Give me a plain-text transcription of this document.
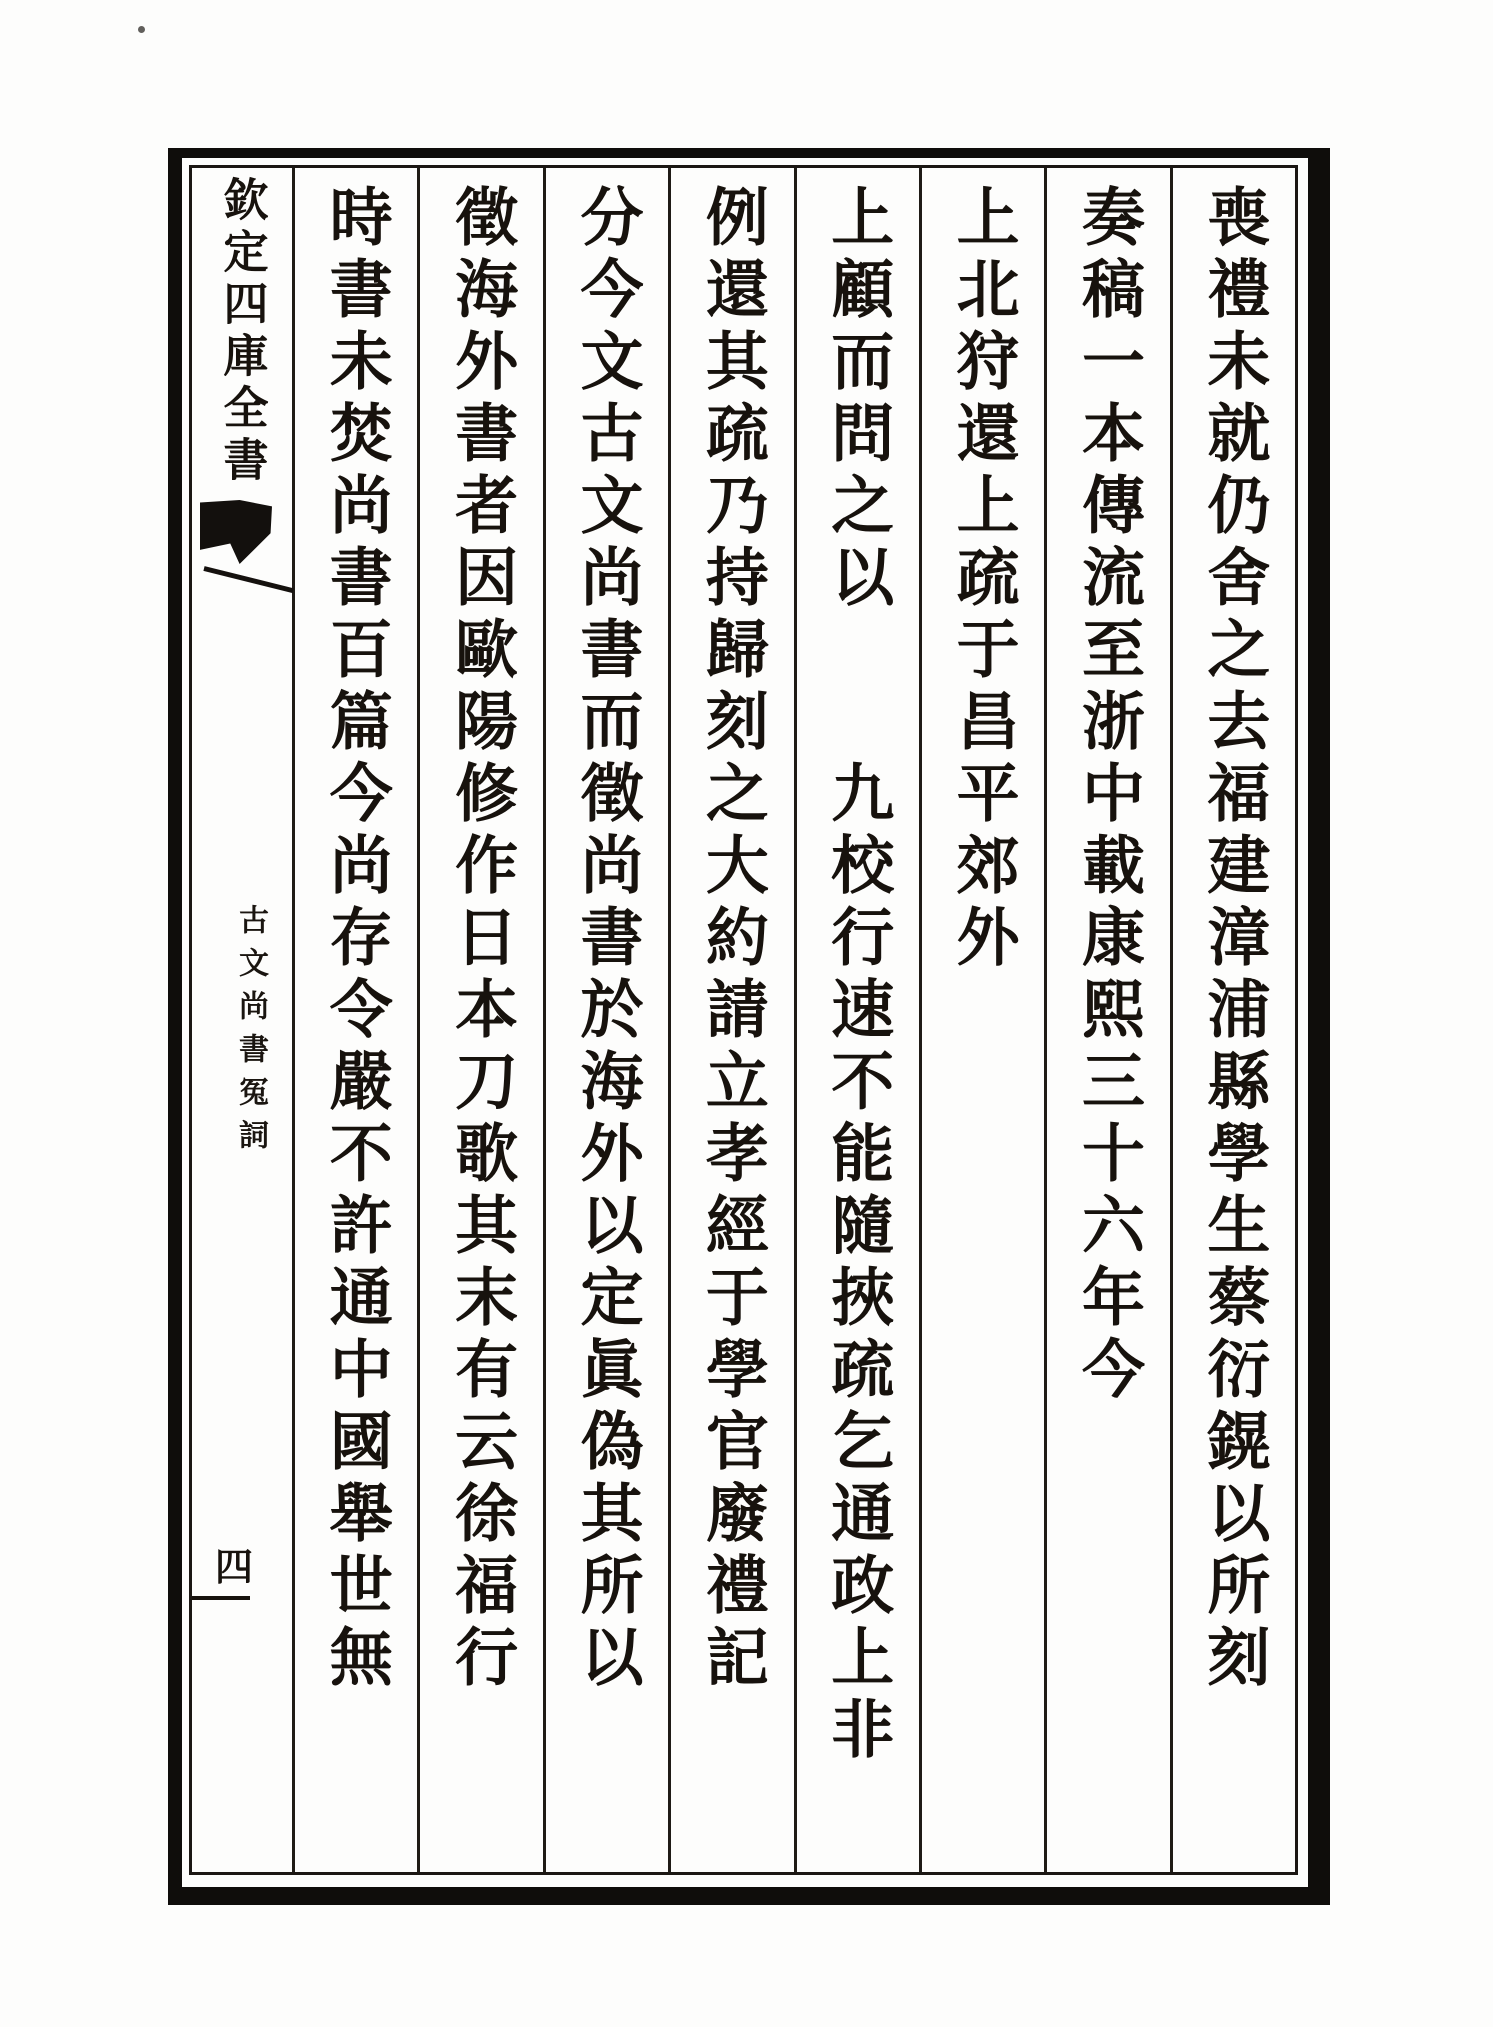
喪禮未就仍舍之去福建漳浦縣學生蔡衍鎤以所刻
奏稿一本傳流至浙中載康熙三十六年今
上北狩還上疏于昌平郊外
上顧而問之以　　九校行速不能隨挾疏乞通政上非
例還其疏乃持歸刻之大約請立孝經于學官廢禮記
分今文古文尚書而徵尚書於海外以定眞偽其所以
徵海外書者因歐陽修作日本刀歌其末有云徐福行
時書未焚尚書百篇今尚存令嚴不許通中國舉世無
欽定四庫全書
古文尚書冤詞
四
